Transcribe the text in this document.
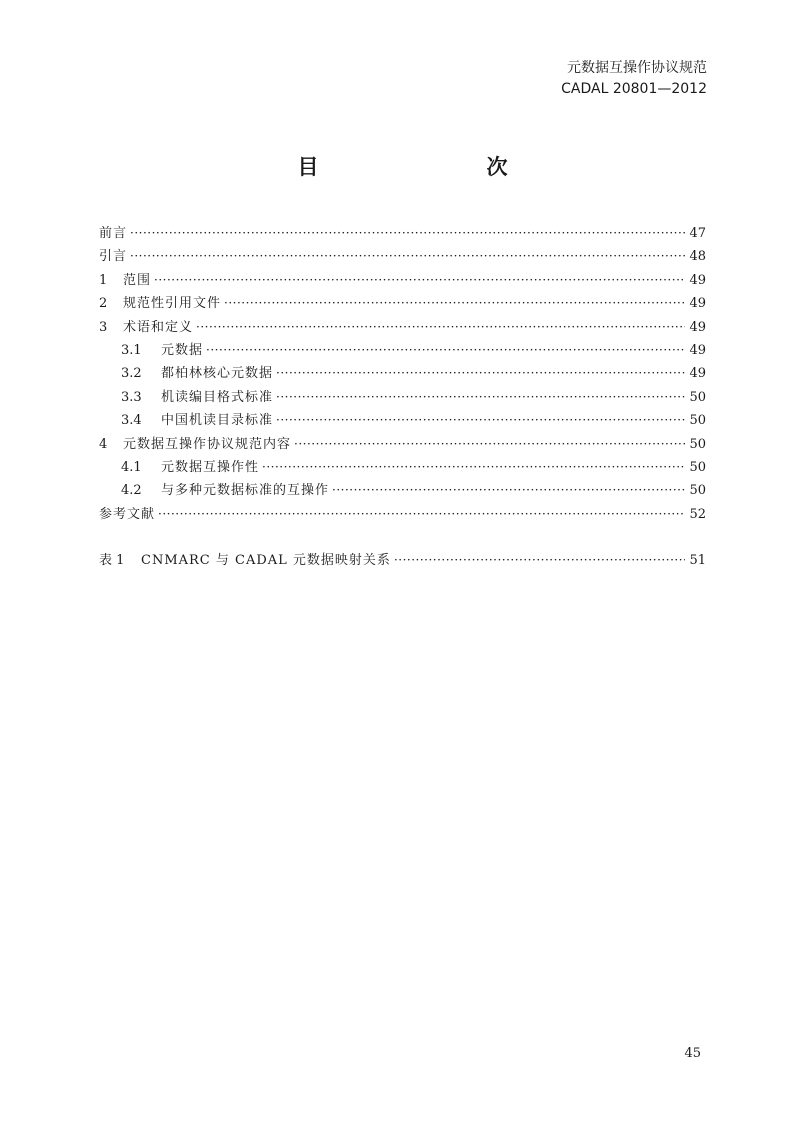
元数据互操作协议规范
CADAL 20801—2012
目　　次
前言 ·····	47
引言 ·····	48
1	范围 ·····	49
2	规范性引用文件 ·····	49
3	术语和定义 ·····	49
3.1	元数据 ·····	49
3.2	都柏林核心元数据 ·····	49
3.3	机读编目格式标准 ·····	50
3.4	中国机读目录标准 ·····	50
4	元数据互操作协议规范内容 ·····	50
4.1	元数据互操作性 ·····	50
4.2	与多种元数据标准的互操作 ·····	50
参考文献 ·····	52
表 1	CNMARC 与 CADAL 元数据映射关系 ·····	51
45
